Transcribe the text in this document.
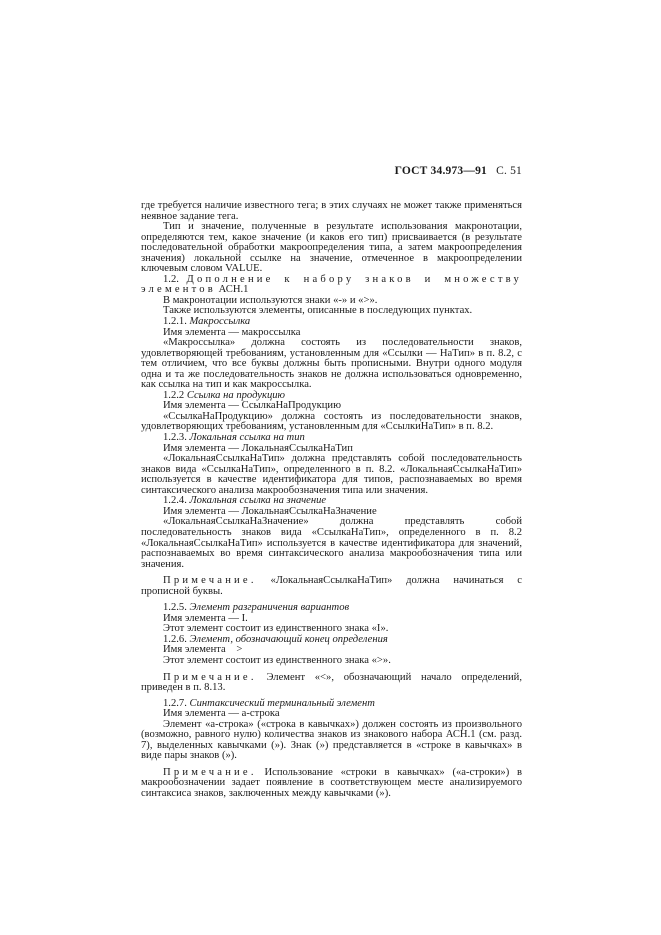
ГОСТ 34.973—91 С. 51

где требуется наличие известного тега; в этих случаях не может также применяться неявное задание тега.

Тип и значение, полученные в результате использования макронотации, определяются тем, какое значение (и каков его тип) присваивается (в результате последовательной обработки макроопределения типа, а затем макроопределения значения) локальной ссылке на значение, отмеченное в макроопределении ключевым словом VALUE.

1.2. Дополнение к набору знаков и множеству элементов АСН.1

В макронотации используются знаки «-» и «>».

Также используются элементы, описанные в последующих пунктах.

1.2.1. Макроссылка

Имя элемента — макроссылка

«Макроссылка» должна состоять из последовательности знаков, удовлетворяющей требованиям, установленным для «Ссылки — НаТип» в п. 8.2, с тем отличием, что все буквы должны быть прописными. Внутри одного модуля одна и та же последовательность знаков не должна использоваться одновременно, как ссылка на тип и как макроссылка.

1.2.2 Ссылка на продукцию

Имя элемента — СсылкаНаПродукцию

«СсылкаНаПродукцию» должна состоять из последовательности знаков, удовлетворяющих требованиям, установленным для «СсылкиНаТип» в п. 8.2.

1.2.3. Локальная ссылка на тип

Имя элемента — ЛокальнаяСсылкаНаТип

«ЛокальнаяСсылкаНаТип» должна представлять собой последовательность знаков вида «СсылкаНаТип», определенного в п. 8.2. «ЛокальнаяСсылкаНаТип» используется в качестве идентификатора для типов, распознаваемых во время синтаксического анализа макрообозначения типа или значения.

1.2.4. Локальная ссылка на значение

Имя элемента — ЛокальнаяСсылкаНаЗначение

«ЛокальнаяСсылкаНаЗначение» должна представлять собой последовательность знаков вида «СсылкаНаТип», определенного в п. 8.2 «ЛокальнаяСсылкаНаТип» используется в качестве идентификатора для значений, распознаваемых во время синтаксического анализа макрообозначения типа или значения.

Примечание. «ЛокальнаяСсылкаНаТип» должна начинаться с прописной буквы.

1.2.5. Элемент разграничения вариантов

Имя элемента — I.

Этот элемент состоит из единственного знака «I».

1.2.6. Элемент, обозначающий конец определения

Имя элемента    >

Этот элемент состоит из единственного знака «>».

Примечание. Элемент «<», обозначающий начало определений, приведен в п. 8.13.

1.2.7. Синтаксический терминальный элемент

Имя элемента — a-строка

Элемент «a-строка» («строка в кавычках») должен состоять из произвольного (возможно, равного нулю) количества знаков из знакового набора АСН.1 (см. разд. 7), выделенных кавычками (»). Знак (») представляется в «строке в кавычках» в виде пары знаков (»).

Примечание. Использование «строки в кавычках» («a-строки») в макрообозначении задает появление в соответствующем месте анализируемого синтаксиса знаков, заключенных между кавычками (»).
